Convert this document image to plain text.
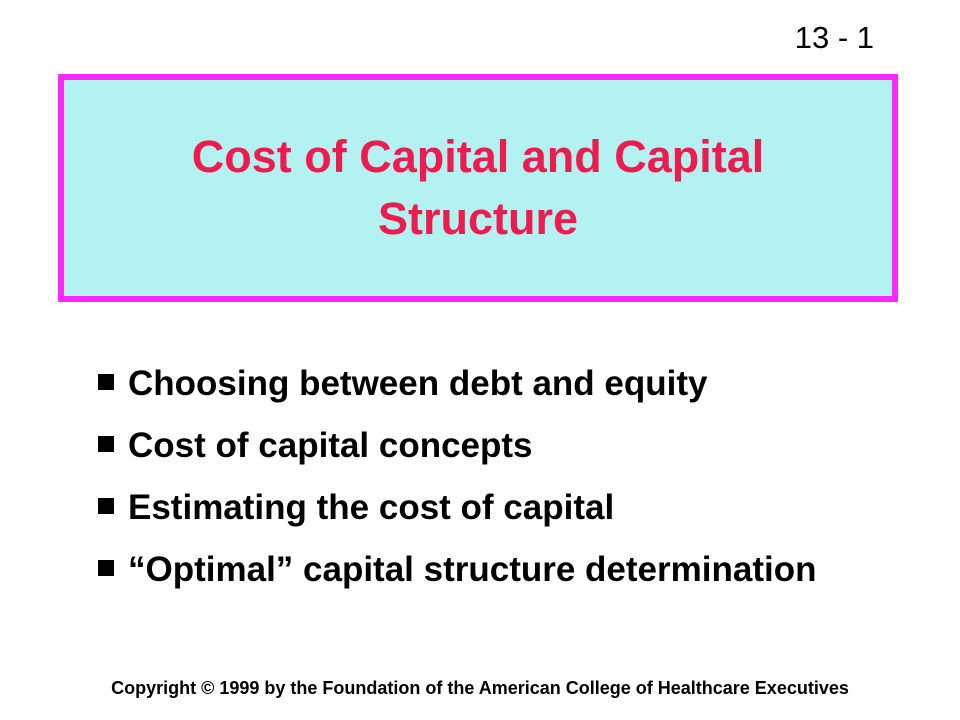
13 - 1
Cost of Capital and Capital Structure
Choosing between debt and equity
Cost of capital concepts
Estimating the cost of capital
“Optimal” capital structure determination
Copyright © 1999 by the Foundation of the American College of Healthcare Executives
